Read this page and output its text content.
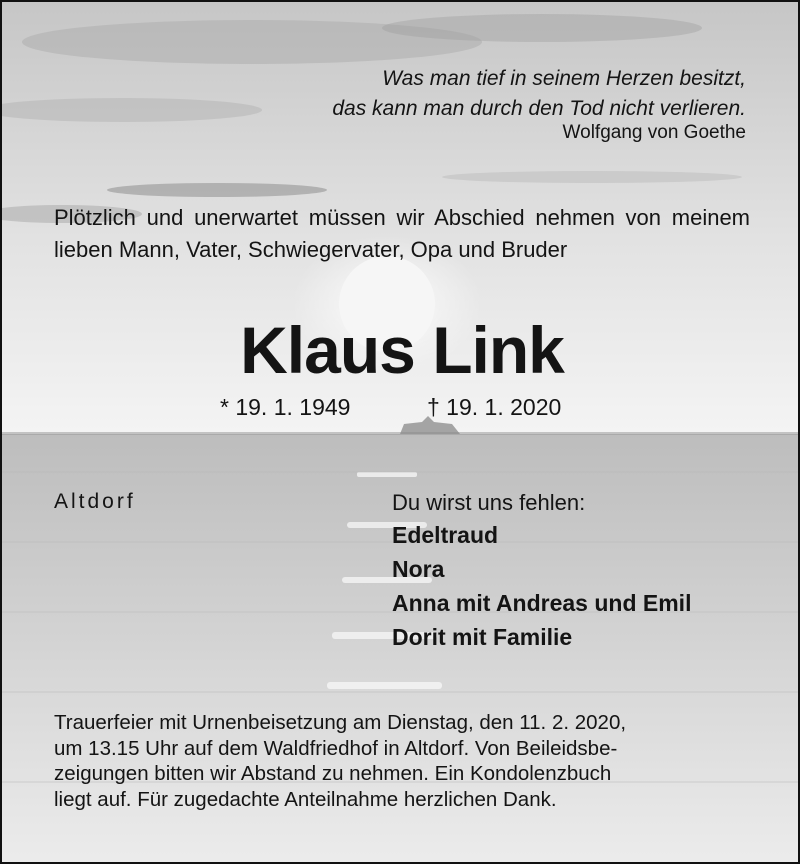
Was man tief in seinem Herzen besitzt,
das kann man durch den Tod nicht verlieren.
Wolfgang von Goethe
Plötzlich und unerwartet müssen wir Abschied nehmen von meinem lieben Mann, Vater, Schwiegervater, Opa und Bruder
Klaus Link
* 19. 1. 1949	† 19. 1. 2020
Altdorf	Du wirst uns fehlen:
Edeltraud
Nora
Anna mit Andreas und Emil
Dorit mit Familie
Trauerfeier mit Urnenbeisetzung am Dienstag, den 11. 2. 2020,
um 13.15 Uhr auf dem Waldfriedhof in Altdorf. Von Beileidsbe-
zeigungen bitten wir Abstand zu nehmen. Ein Kondolenzbuch
liegt auf. Für zugedachte Anteilnahme herzlichen Dank.
